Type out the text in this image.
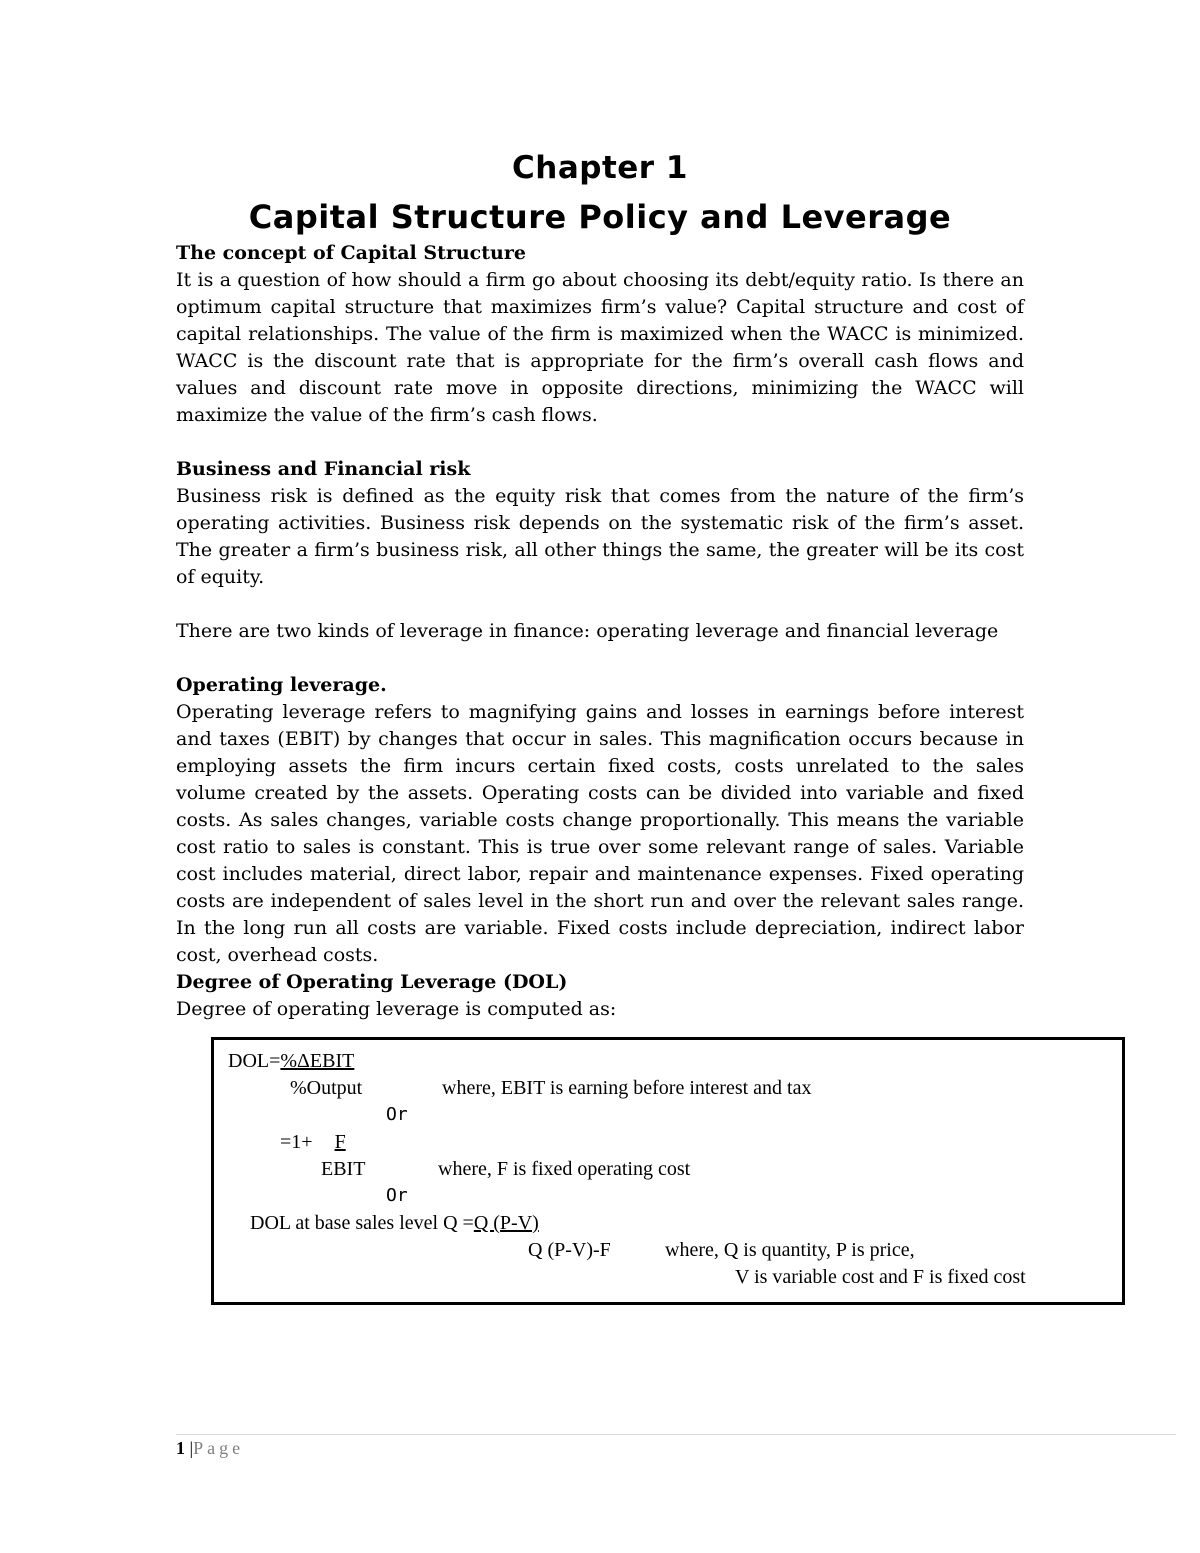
Chapter 1
Capital Structure Policy and Leverage
The concept of Capital Structure

It is a question of how should a firm go about choosing its debt/equity ratio. Is there an optimum capital structure that maximizes firm’s value? Capital structure and cost of capital relationships. The value of the firm is maximized when the WACC is minimized. WACC is the discount rate that is appropriate for the firm’s overall cash flows and values and discount rate move in opposite directions, minimizing the WACC will maximize the value of the firm’s cash flows.

Business and Financial risk

Business risk is defined as the equity risk that comes from the nature of the firm’s operating activities. Business risk depends on the systematic risk of the firm’s asset. The greater a firm’s business risk, all other things the same, the greater will be its cost of equity.

There are two kinds of leverage in finance: operating leverage and financial leverage

Operating leverage.

Operating leverage refers to magnifying gains and losses in earnings before interest and taxes (EBIT) by changes that occur in sales. This magnification occurs because in employing assets the firm incurs certain fixed costs, costs unrelated to the sales volume created by the assets. Operating costs can be divided into variable and fixed costs. As sales changes, variable costs change proportionally. This means the variable cost ratio to sales is constant. This is true over some relevant range of sales. Variable cost includes material, direct labor, repair and maintenance expenses. Fixed operating costs are independent of sales level in the short run and over the relevant sales range. In the long run all costs are variable. Fixed costs include depreciation, indirect labor cost, overhead costs.

Degree of Operating Leverage (DOL)

Degree of operating leverage is computed as:

DOL=%ΔEBIT
%Output	where, EBIT is earning before interest and tax
Or
=1+ F
EBIT	where, F is fixed operating cost
Or
DOL at base sales level Q =Q (P-V)
Q (P-V)-F	where, Q is quantity, P is price,
V is variable cost and F is fixed cost
1 |Page
